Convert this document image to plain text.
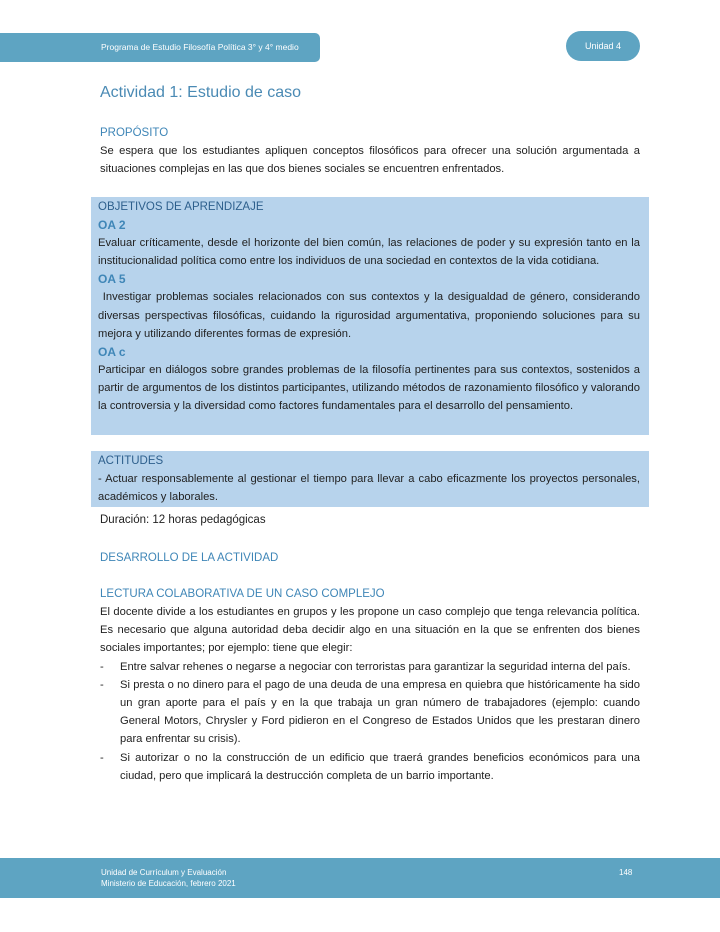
Programa de Estudio Filosofía Política 3° y 4° medio	Unidad 4
Actividad 1: Estudio de caso
PROPÓSITO
Se espera que los estudiantes apliquen conceptos filosóficos para ofrecer una solución argumentada a situaciones complejas en las que dos bienes sociales se encuentren enfrentados.
OBJETIVOS DE APRENDIZAJE
OA 2
Evaluar críticamente, desde el horizonte del bien común, las relaciones de poder y su expresión tanto en la institucionalidad política como entre los individuos de una sociedad en contextos de la vida cotidiana.
OA 5
Investigar problemas sociales relacionados con sus contextos y la desigualdad de género, considerando diversas perspectivas filosóficas, cuidando la rigurosidad argumentativa, proponiendo soluciones para su mejora y utilizando diferentes formas de expresión.
OA c
Participar en diálogos sobre grandes problemas de la filosofía pertinentes para sus contextos, sostenidos a partir de argumentos de los distintos participantes, utilizando métodos de razonamiento filosófico y valorando la controversia y la diversidad como factores fundamentales para el desarrollo del pensamiento.
ACTITUDES
- Actuar responsablemente al gestionar el tiempo para llevar a cabo eficazmente los proyectos personales, académicos y laborales.
Duración: 12 horas pedagógicas
DESARROLLO DE LA ACTIVIDAD
LECTURA COLABORATIVA DE UN CASO COMPLEJO
El docente divide a los estudiantes en grupos y les propone un caso complejo que tenga relevancia política. Es necesario que alguna autoridad deba decidir algo en una situación en la que se enfrenten dos bienes sociales importantes; por ejemplo: tiene que elegir:
- Entre salvar rehenes o negarse a negociar con terroristas para garantizar la seguridad interna del país.
- Si presta o no dinero para el pago de una deuda de una empresa en quiebra que históricamente ha sido un gran aporte para el país y en la que trabaja un gran número de trabajadores (ejemplo: cuando General Motors, Chrysler y Ford pidieron en el Congreso de Estados Unidos que les prestaran dinero para enfrentar su crisis).
- Si autorizar o no la construcción de un edificio que traerá grandes beneficios económicos para una ciudad, pero que implicará la destrucción completa de un barrio importante.
Unidad de Currículum y Evaluación
Ministerio de Educación, febrero 2021
148
